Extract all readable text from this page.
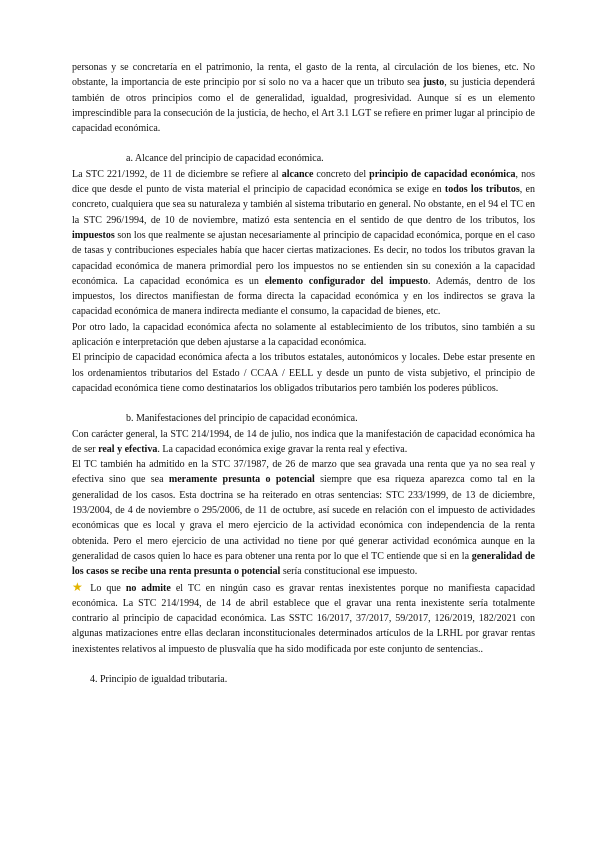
personas y se concretaría en el patrimonio, la renta, el gasto de la renta, al circulación de los bienes, etc. No obstante, la importancia de este principio por sí solo no va a hacer que un tributo sea justo, su justicia dependerá también de otros principios como el de generalidad, igualdad, progresividad. Aunque sí es un elemento imprescindible para la consecución de la justicia, de hecho, el Art 3.1 LGT se refiere en primer lugar al principio de capacidad económica.

a. Alcance del principio de capacidad económica.

La STC 221/1992, de 11 de diciembre se refiere al alcance concreto del principio de capacidad económica, nos dice que desde el punto de vista material el principio de capacidad económica se exige en todos los tributos, en concreto, cualquiera que sea su naturaleza y también al sistema tributario en general. No obstante, en el 94 el TC en la STC 296/1994, de 10 de noviembre, matizó esta sentencia en el sentido de que dentro de los tributos, los impuestos son los que realmente se ajustan necesariamente al principio de capacidad económica, porque en el caso de tasas y contribuciones especiales había que hacer ciertas matizaciones. Es decir, no todos los tributos gravan la capacidad económica de manera primordial pero los impuestos no se entienden sin su conexión a la capacidad económica. La capacidad económica es un elemento configurador del impuesto. Además, dentro de los impuestos, los directos manifiestan de forma directa la capacidad económica y en los indirectos se grava la capacidad económica de manera indirecta mediante el consumo, la capacidad de bienes, etc.

Por otro lado, la capacidad económica afecta no solamente al establecimiento de los tributos, sino también a su aplicación e interpretación que deben ajustarse a la capacidad económica.

El principio de capacidad económica afecta a los tributos estatales, autonómicos y locales. Debe estar presente en los ordenamientos tributarios del Estado / CCAA / EELL y desde un punto de vista subjetivo, el principio de capacidad económica tiene como destinatarios los obligados tributarios pero también los poderes públicos.

b. Manifestaciones del principio de capacidad económica.

Con carácter general, la STC 214/1994, de 14 de julio, nos indica que la manifestación de capacidad económica ha de ser real y efectiva. La capacidad económica exige gravar la renta real y efectiva.

El TC también ha admitido en la STC 37/1987, de 26 de marzo que sea gravada una renta que ya no sea real y efectiva sino que sea meramente presunta o potencial siempre que esa riqueza aparezca como tal en la generalidad de los casos. Esta doctrina se ha reiterado en otras sentencias: STC 233/1999, de 13 de diciembre, 193/2004, de 4 de noviembre o 295/2006, de 11 de octubre, así sucede en relación con el impuesto de actividades económicas que es local y grava el mero ejercicio de la actividad económica con independencia de la renta obtenida. Pero el mero ejercicio de una actividad no tiene por qué generar actividad económica aunque en la generalidad de casos quien lo hace es para obtener una renta por lo que el TC entiende que si en la generalidad de los casos se recibe una renta presunta o potencial sería constitucional ese impuesto.

★ Lo que no admite el TC en ningún caso es gravar rentas inexistentes porque no manifiesta capacidad económica. La STC 214/1994, de 14 de abril establece que el gravar una renta inexistente sería totalmente contrario al principio de capacidad económica. Las SSTC 16/2017, 37/2017, 59/2017, 126/2019, 182/2021 con algunas matizaciones entre ellas declaran inconstitucionales determinados artículos de la LRHL por gravar rentas inexistentes relativos al impuesto de plusvalía que ha sido modificada por este conjunto de sentencias..

4. Principio de igualdad tributaria.
